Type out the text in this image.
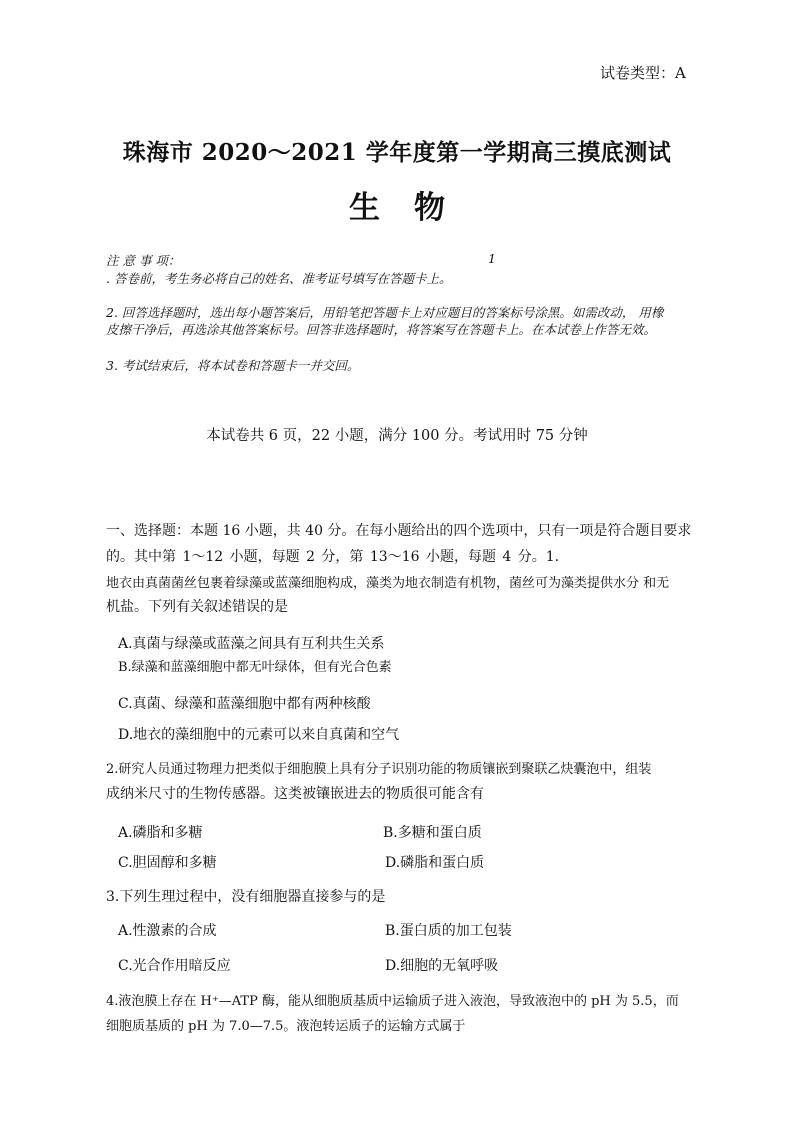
试卷类型：A
珠海市 2020～2021 学年度第一学期高三摸底测试
生物
注 意 事 项：	1
. 答卷前，考生务必将自己的姓名、准考证号填写在答题卡上。
2. 回答选择题时，选出每小题答案后，用铅笔把答题卡上对应题目的答案标号涂黑。如需改动， 用橡
皮擦干净后，再选涂其他答案标号。回答非选择题时，将答案写在答题卡上。在本试卷上作答无效。
3. 考试结束后，将本试卷和答题卡一并交回。
本试卷共 6 页，22 小题，满分 100 分。考试用时 75 分钟
一、选择题：本题 16 小题，共 40 分。在每小题给出的四个选项中，只有一项是符合题目要求
的。其中第 1～12 小题，每题 2 分，第 13～16 小题，每题 4 分。1.
地衣由真菌菌丝包裹着绿藻或蓝藻细胞构成，藻类为地衣制造有机物，菌丝可为藻类提供水分 和无
机盐。下列有关叙述错误的是
A.真菌与绿藻或蓝藻之间具有互利共生关系
B.绿藻和蓝藻细胞中都无叶绿体，但有光合色素
C.真菌、绿藻和蓝藻细胞中都有两种核酸
D.地衣的藻细胞中的元素可以来自真菌和空气
2.研究人员通过物理力把类似于细胞膜上具有分子识别功能的物质镶嵌到聚联乙炔囊泡中，组装
成纳米尺寸的生物传感器。这类被镶嵌进去的物质很可能含有
A.磷脂和多糖	B.多糖和蛋白质
C.胆固醇和多糖	D.磷脂和蛋白质
3.下列生理过程中，没有细胞器直接参与的是
A.性激素的合成	B.蛋白质的加工包装
C.光合作用暗反应	D.细胞的无氧呼吸
4.液泡膜上存在 H⁺—ATP 酶，能从细胞质基质中运输质子进入液泡，导致液泡中的 pH 为 5.5，而
细胞质基质的 pH 为 7.0—7.5。液泡转运质子的运输方式属于
